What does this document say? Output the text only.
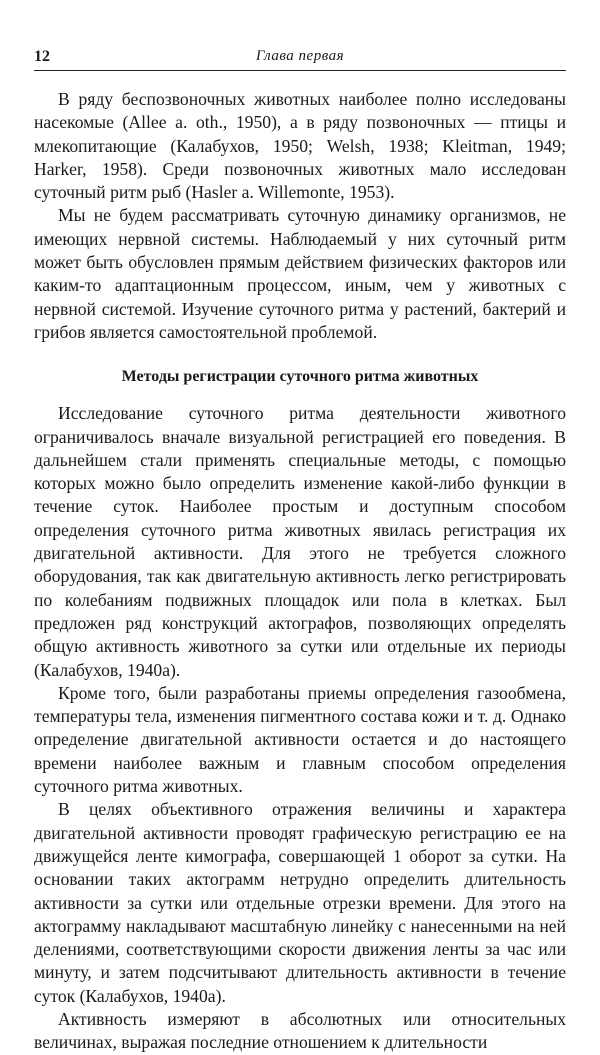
12	Глава первая

В ряду беспозвоночных животных наиболее полно исследованы насекомые (Allee a. oth., 1950), а в ряду позвоночных — птицы и млекопитающие (Калабухов, 1950; Welsh, 1938; Kleitman, 1949; Harker, 1958). Среди позвоночных животных мало исследован суточный ритм рыб (Hasler a. Willemonte, 1953).

Мы не будем рассматривать суточную динамику организмов, не имеющих нервной системы. Наблюдаемый у них суточный ритм может быть обусловлен прямым действием физических факторов или каким-то адаптационным процессом, иным, чем у животных с нервной системой. Изучение суточного ритма у растений, бактерий и грибов является самостоятельной проблемой.

Методы регистрации суточного ритма животных

Исследование суточного ритма деятельности животного ограничивалось вначале визуальной регистрацией его поведения. В дальнейшем стали применять специальные методы, с помощью которых можно было определить изменение какой-либо функции в течение суток. Наиболее простым и доступным способом определения суточного ритма животных явилась регистрация их двигательной активности. Для этого не требуется сложного оборудования, так как двигательную активность легко регистрировать по колебаниям подвижных площадок или пола в клетках. Был предложен ряд конструкций актографов, позволяющих определять общую активность животного за сутки или отдельные их периоды (Калабухов, 1940а).

Кроме того, были разработаны приемы определения газообмена, температуры тела, изменения пигментного состава кожи и т. д. Однако определение двигательной активности остается и до настоящего времени наиболее важным и главным способом определения суточного ритма животных.

В целях объективного отражения величины и характера двигательной активности проводят графическую регистрацию ее на движущейся ленте кимографа, совершающей 1 оборот за сутки. На основании таких актограмм нетрудно определить длительность активности за сутки или отдельные отрезки времени. Для этого на актограмму накладывают масштабную линейку с нанесенными на ней делениями, соответствующими скорости движения ленты за час или минуту, и затем подсчитывают длительность активности в течение суток (Калабухов, 1940а).

Активность измеряют в абсолютных или относительных величинах, выражая последние отношением к длительности
